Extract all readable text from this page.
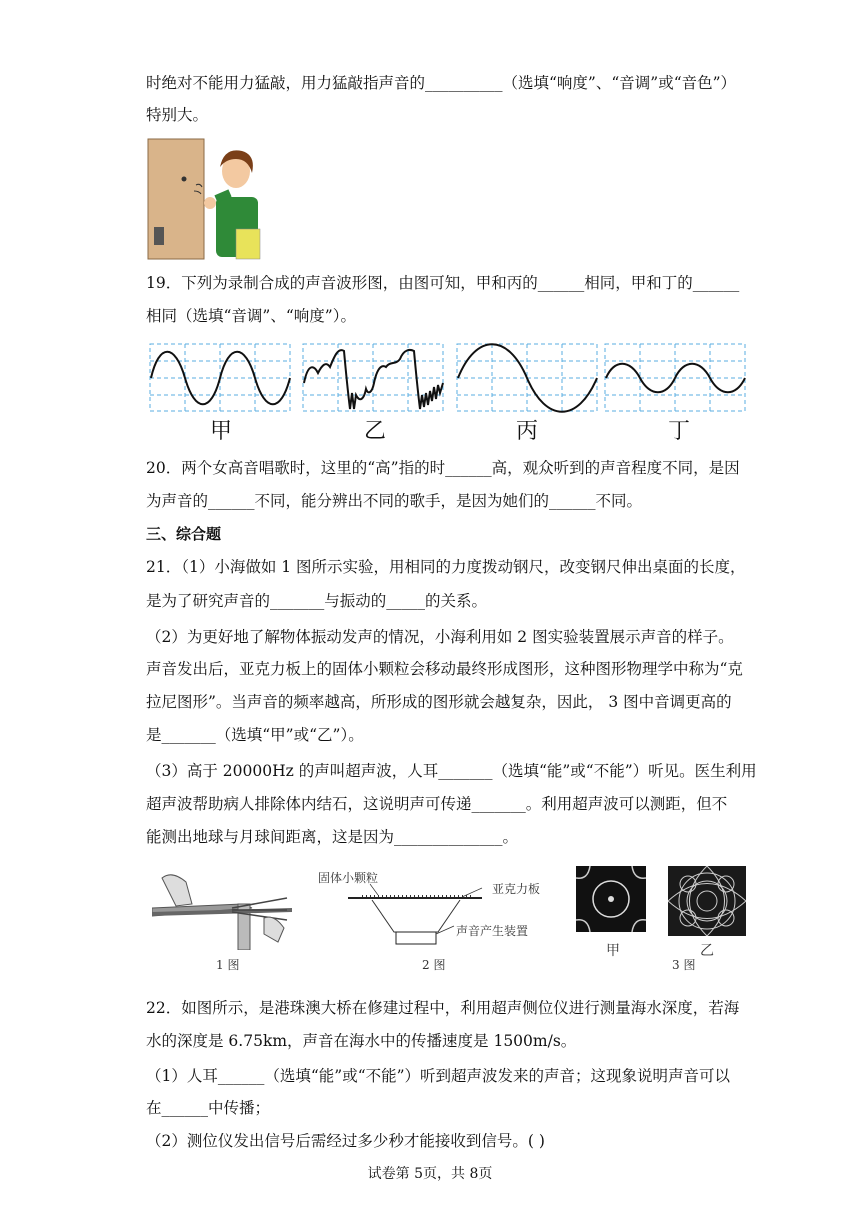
时绝对不能用力猛敲，用力猛敲指声音的__________（选填“响度”、“音调”或“音色”）
特别大。
19．下列为录制合成的声音波形图，由图可知，甲和丙的______相同，甲和丁的______
相同（选填“音调”、“响度”）。
甲	乙	丙	丁
20．两个女高音唱歌时，这里的“高”指的时______高，观众听到的声音程度不同，是因
为声音的______不同，能分辨出不同的歌手，是因为她们的______不同。
三、综合题
21．（1）小海做如 1 图所示实验，用相同的力度拨动钢尺，改变钢尺伸出桌面的长度，
是为了研究声音的_______与振动的_____的关系。
（2）为更好地了解物体振动发声的情况，小海利用如 2 图实验装置展示声音的样子。
声音发出后，亚克力板上的固体小颗粒会移动最终形成图形，这种图形物理学中称为“克
拉尼图形”。当声音的频率越高，所形成的图形就会越复杂，因此， 3 图中音调更高的
是_______（选填“甲”或“乙”）。
（3）高于 20000Hz 的声叫超声波，人耳_______（选填“能”或“不能”）听见。医生利用
超声波帮助病人排除体内结石，这说明声可传递_______。利用超声波可以测距，但不
能测出地球与月球间距离，这是因为______________。
1 图
固体小颗粒
亚克力板
声音产生装置
2 图
甲	乙
3 图
22．如图所示，是港珠澳大桥在修建过程中，利用超声侧位仪进行测量海水深度，若海
水的深度是 6.75km，声音在海水中的传播速度是 1500m/s。
（1）人耳______（选填“能”或“不能”）听到超声波发来的声音；这现象说明声音可以
在______中传播；
（2）测位仪发出信号后需经过多少秒才能接收到信号。( )
试卷第 5页，共 8页
